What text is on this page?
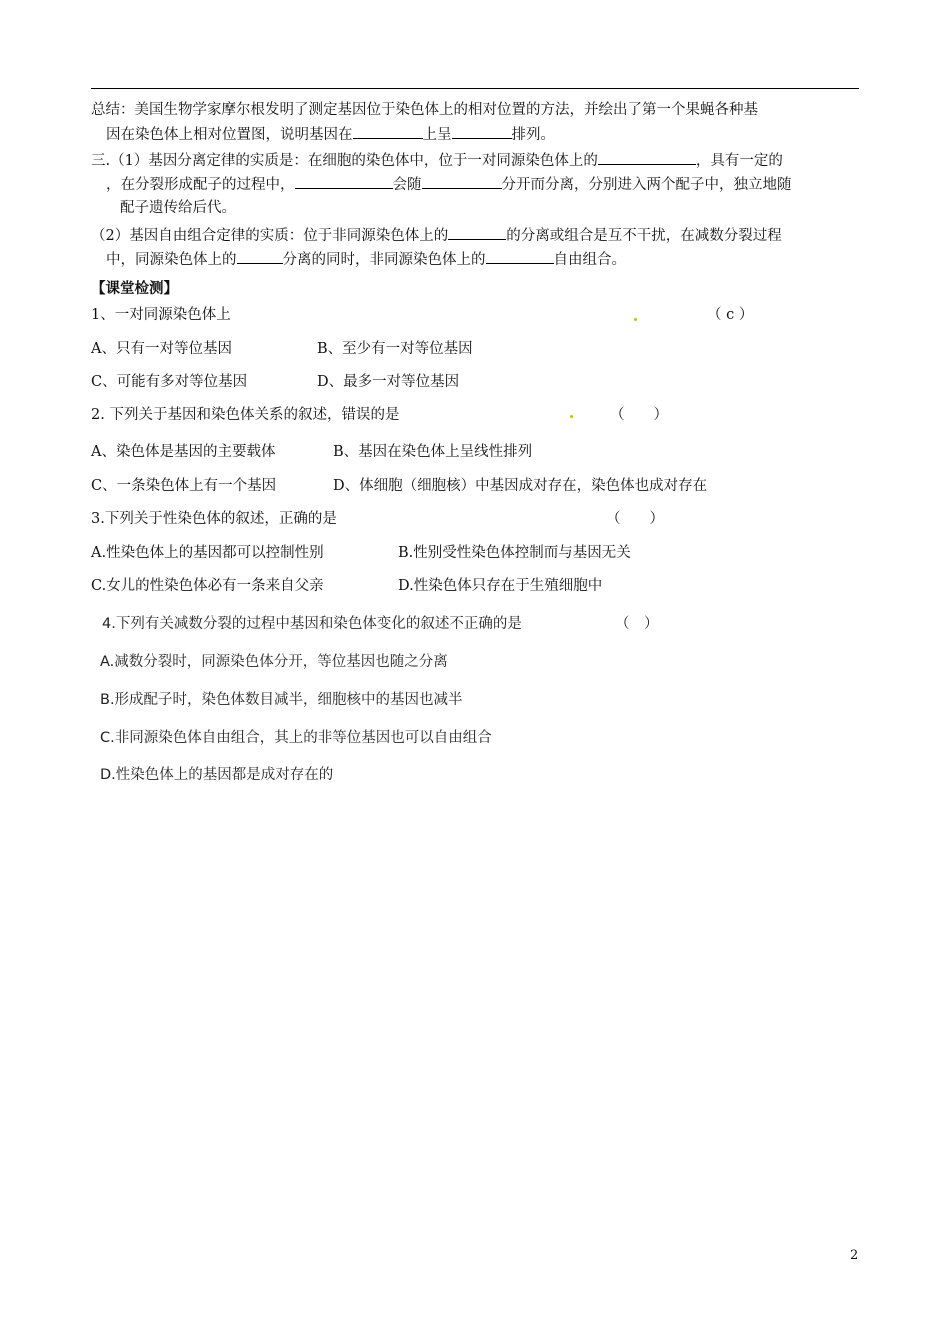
总结：美国生物学家摩尔根发明了测定基因位于染色体上的相对位置的方法，并绘出了第一个果蝇各种基
因在染色体上相对位置图，说明基因在	上呈	排列。
三.（1）基因分离定律的实质是：在细胞的染色体中，位于一对同源染色体上的	，具有一定的
，在分裂形成配子的过程中，	会随	分开而分离，分别进入两个配子中，独立地随
配子遗传给后代。
（2）基因自由组合定律的实质：位于非同源染色体上的	的分离或组合是互不干扰，在减数分裂过程
中，同源染色体上的	分离的同时，非同源染色体上的	自由组合。
【课堂检测】
1、一对同源染色体上	（ c ）
A、只有一对等位基因	B、至少有一对等位基因
C、可能有多对等位基因	D、最多一对等位基因
2. 下列关于基因和染色体关系的叙述，错误的是	（　　）
A、染色体是基因的主要载体	B、基因在染色体上呈线性排列
C、一条染色体上有一个基因	D、体细胞（细胞核）中基因成对存在，染色体也成对存在
3.下列关于性染色体的叙述，正确的是	（　　）
A.性染色体上的基因都可以控制性别	B.性别受性染色体控制而与基因无关
C.女儿的性染色体必有一条来自父亲	D.性染色体只存在于生殖细胞中
4.下列有关减数分裂的过程中基因和染色体变化的叙述不正确的是	（　）
A.减数分裂时，同源染色体分开，等位基因也随之分离
B.形成配子时，染色体数目减半，细胞核中的基因也减半
C.非同源染色体自由组合，其上的非等位基因也可以自由组合
D.性染色体上的基因都是成对存在的
2
